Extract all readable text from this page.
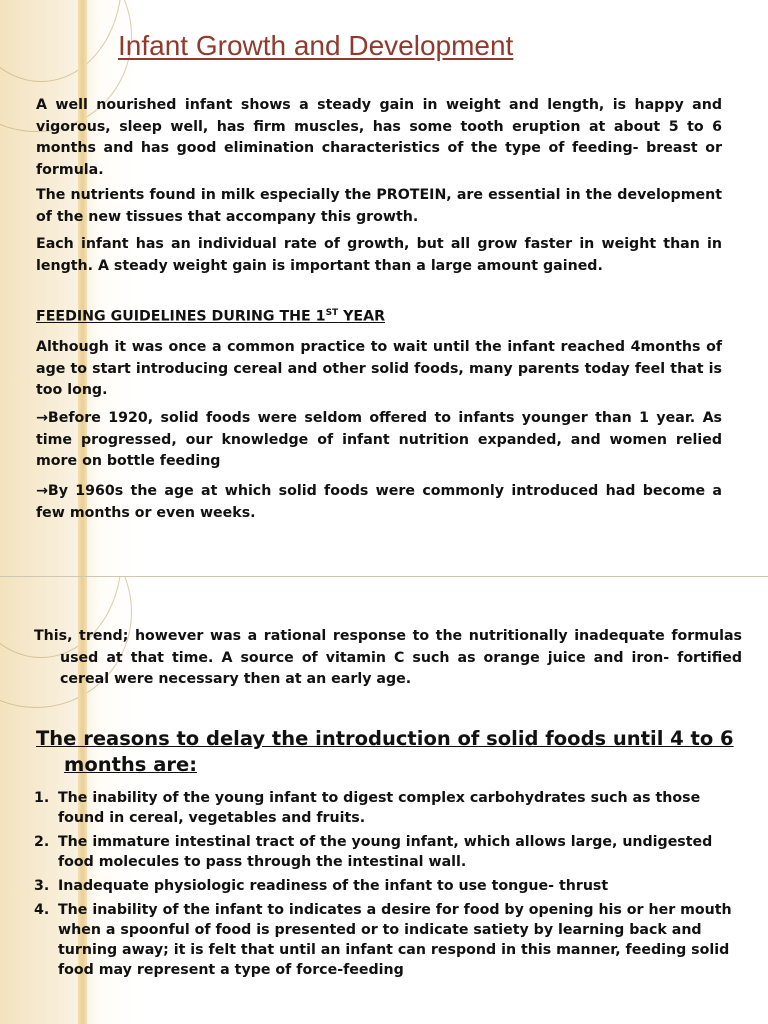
Infant Growth and Development

A well nourished infant shows a steady gain in weight and length, is happy and vigorous, sleep well, has firm muscles, has some tooth eruption at about 5 to 6 months and has good elimination characteristics of the type of feeding- breast or formula.

The nutrients found in milk especially the PROTEIN, are essential in the development of the new tissues that accompany this growth.

Each infant has an individual rate of growth, but all grow faster in weight than in length. A steady weight gain is important than a large amount gained.

FEEDING GUIDELINES DURING THE 1ST YEAR

Although it was once a common practice to wait until the infant reached 4months of age to start introducing cereal and other solid foods, many parents today feel that is too long.

→Before 1920, solid foods were seldom offered to infants younger than 1 year. As time progressed, our knowledge of infant nutrition expanded, and women relied more on bottle feeding

→By 1960s the age at which solid foods were commonly introduced had become a few months or even weeks.

This, trend; however was a rational response to the nutritionally inadequate formulas used at that time. A source of vitamin C such as orange juice and iron- fortified cereal were necessary then at an early age.

The reasons to delay the introduction of solid foods until 4 to 6 months are:
1. The inability of the young infant to digest complex carbohydrates such as those found in cereal, vegetables and fruits.
2. The immature intestinal tract of the young infant, which allows large, undigested food molecules to pass through the intestinal wall.
3. Inadequate physiologic readiness of the infant to use tongue- thrust
4. The inability of the infant to indicates a desire for food by opening his or her mouth when a spoonful of food is presented or to indicate satiety by learning back and turning away; it is felt that until an infant can respond in this manner, feeding solid food may represent a type of force-feeding
